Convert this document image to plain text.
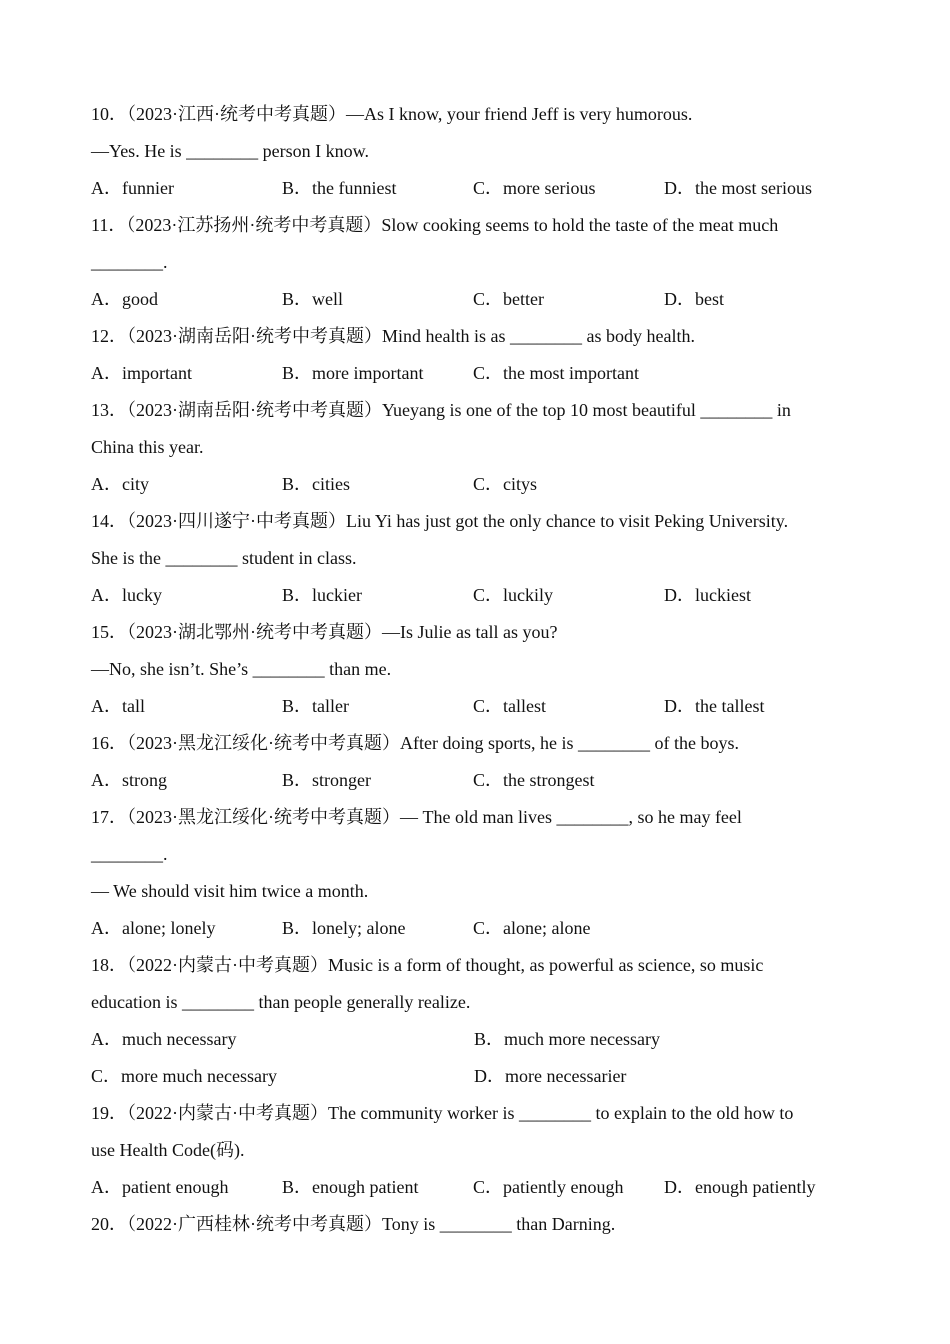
10．（2023·江西·统考中考真题）—As I know, your friend Jeff is very humorous.
—Yes. He is ________ person I know.
A．funnier	B．the funniest	C．more serious	D．the most serious
11．（2023·江苏扬州·统考中考真题）Slow cooking seems to hold the taste of the meat much
________.
A．good	B．well	C．better	D．best
12．（2023·湖南岳阳·统考中考真题）Mind health is as ________ as body health.
A．important	B．more important	C．the most important
13．（2023·湖南岳阳·统考中考真题）Yueyang is one of the top 10 most beautiful ________ in
China this year.
A．city	B．cities	C．citys
14．（2023·四川遂宁·中考真题）Liu Yi has just got the only chance to visit Peking University.
She is the ________ student in class.
A．lucky	B．luckier	C．luckily	D．luckiest
15．（2023·湖北鄂州·统考中考真题）—Is Julie as tall as you?
—No, she isn’t. She’s ________ than me.
A．tall	B．taller	C．tallest	D．the tallest
16．（2023·黑龙江绥化·统考中考真题）After doing sports, he is ________ of the boys.
A．strong	B．stronger	C．the strongest
17．（2023·黑龙江绥化·统考中考真题）— The old man lives ________, so he may feel
________.
— We should visit him twice a month.
A．alone; lonely	B．lonely; alone	C．alone; alone
18．（2022·内蒙古·中考真题）Music is a form of thought, as powerful as science, so music
education is ________ than people generally realize.
A．much necessary	B．much more necessary
C．more much necessary	D．more necessarier
19．（2022·内蒙古·中考真题）The community worker is ________ to explain to the old how to
use Health Code(码).
A．patient enough	B．enough patient	C．patiently enough	D．enough patiently
20．（2022·广西桂林·统考中考真题）Tony is ________ than Darning.
